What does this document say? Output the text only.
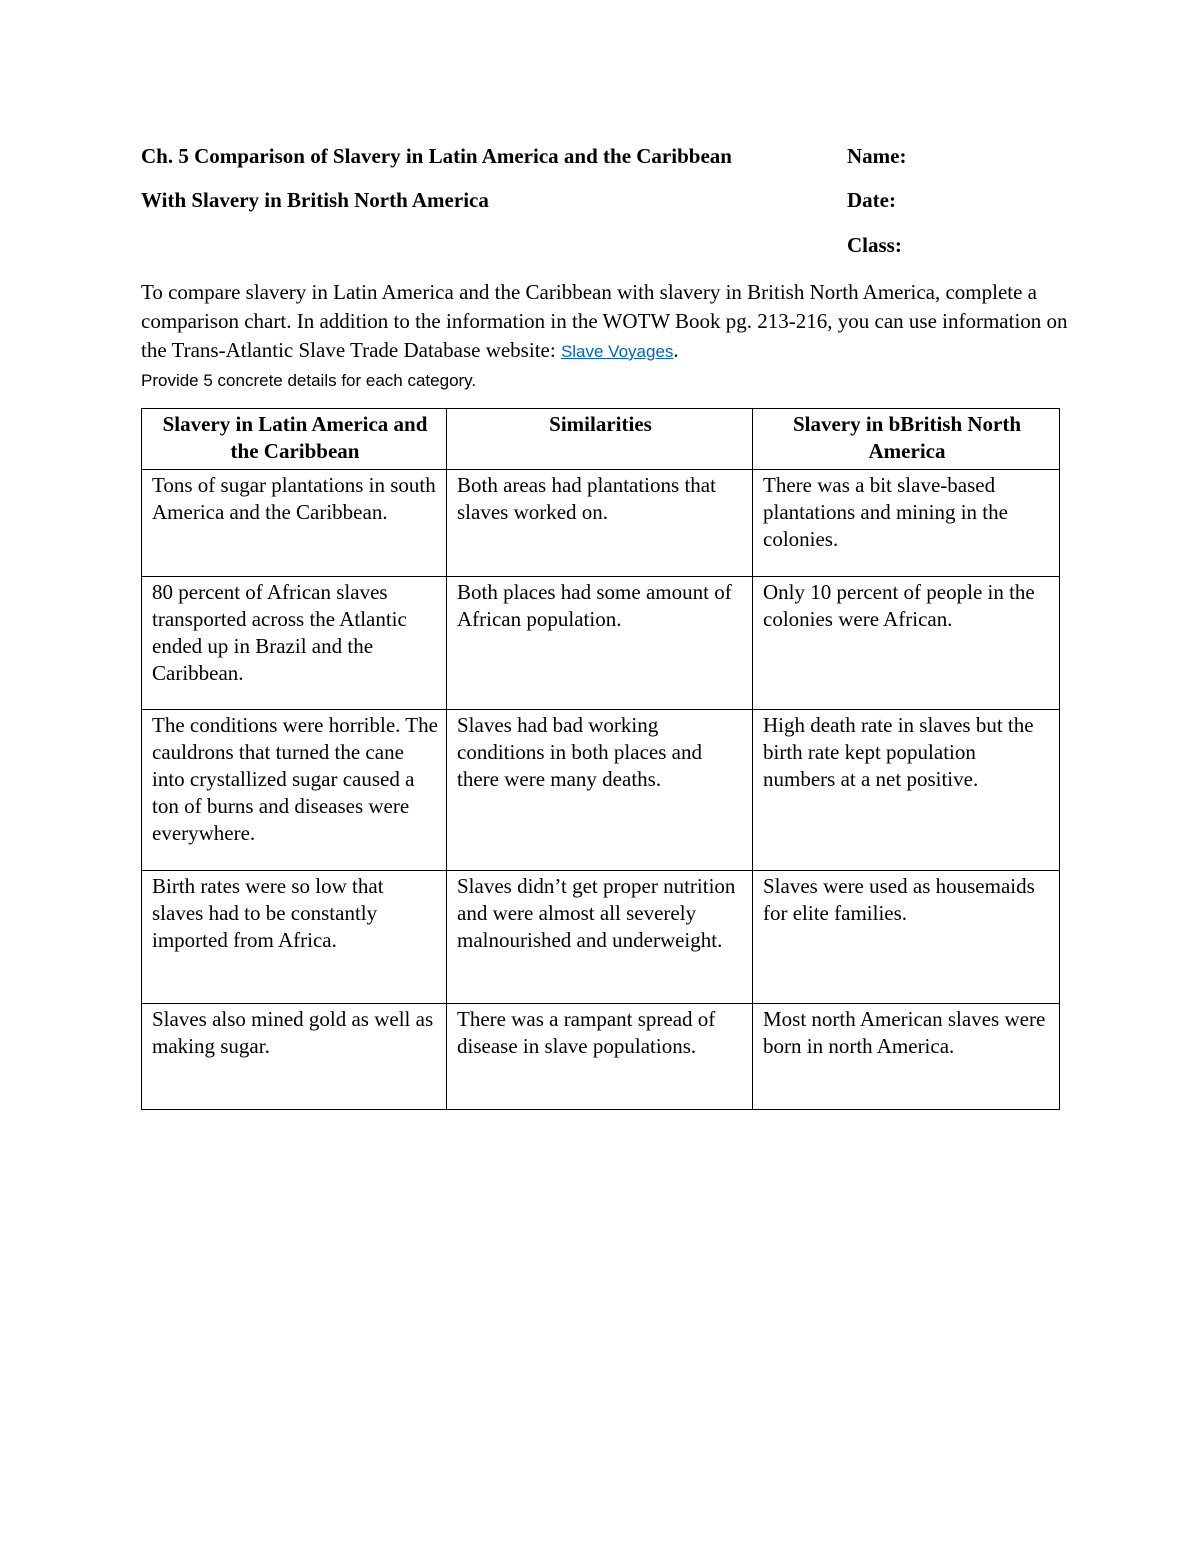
Ch. 5 Comparison of Slavery in Latin America and the Caribbean	Name:
With Slavery in British North America	Date:
Class:

To compare slavery in Latin America and the Caribbean with slavery in British North America, complete a comparison chart. In addition to the information in the WOTW Book pg. 213-216, you can use information on the Trans-Atlantic Slave Trade Database website: Slave Voyages.

Provide 5 concrete details for each category.

Slavery in Latin America and the Caribbean	Similarities	Slavery in bBritish North America
Tons of sugar plantations in south America and the Caribbean.	Both areas had plantations that slaves worked on.	There was a bit slave-based plantations and mining in the colonies.
80 percent of African slaves transported across the Atlantic ended up in Brazil and the Caribbean.	Both places had some amount of African population.	Only 10 percent of people in the colonies were African.
The conditions were horrible. The cauldrons that turned the cane into crystallized sugar caused a ton of burns and diseases were everywhere.	Slaves had bad working conditions in both places and there were many deaths.	High death rate in slaves but the birth rate kept population numbers at a net positive.
Birth rates were so low that slaves had to be constantly imported from Africa.	Slaves didn’t get proper nutrition and were almost all severely malnourished and underweight.	Slaves were used as housemaids for elite families.
Slaves also mined gold as well as making sugar.	There was a rampant spread of disease in slave populations.	Most north American slaves were born in north America.
